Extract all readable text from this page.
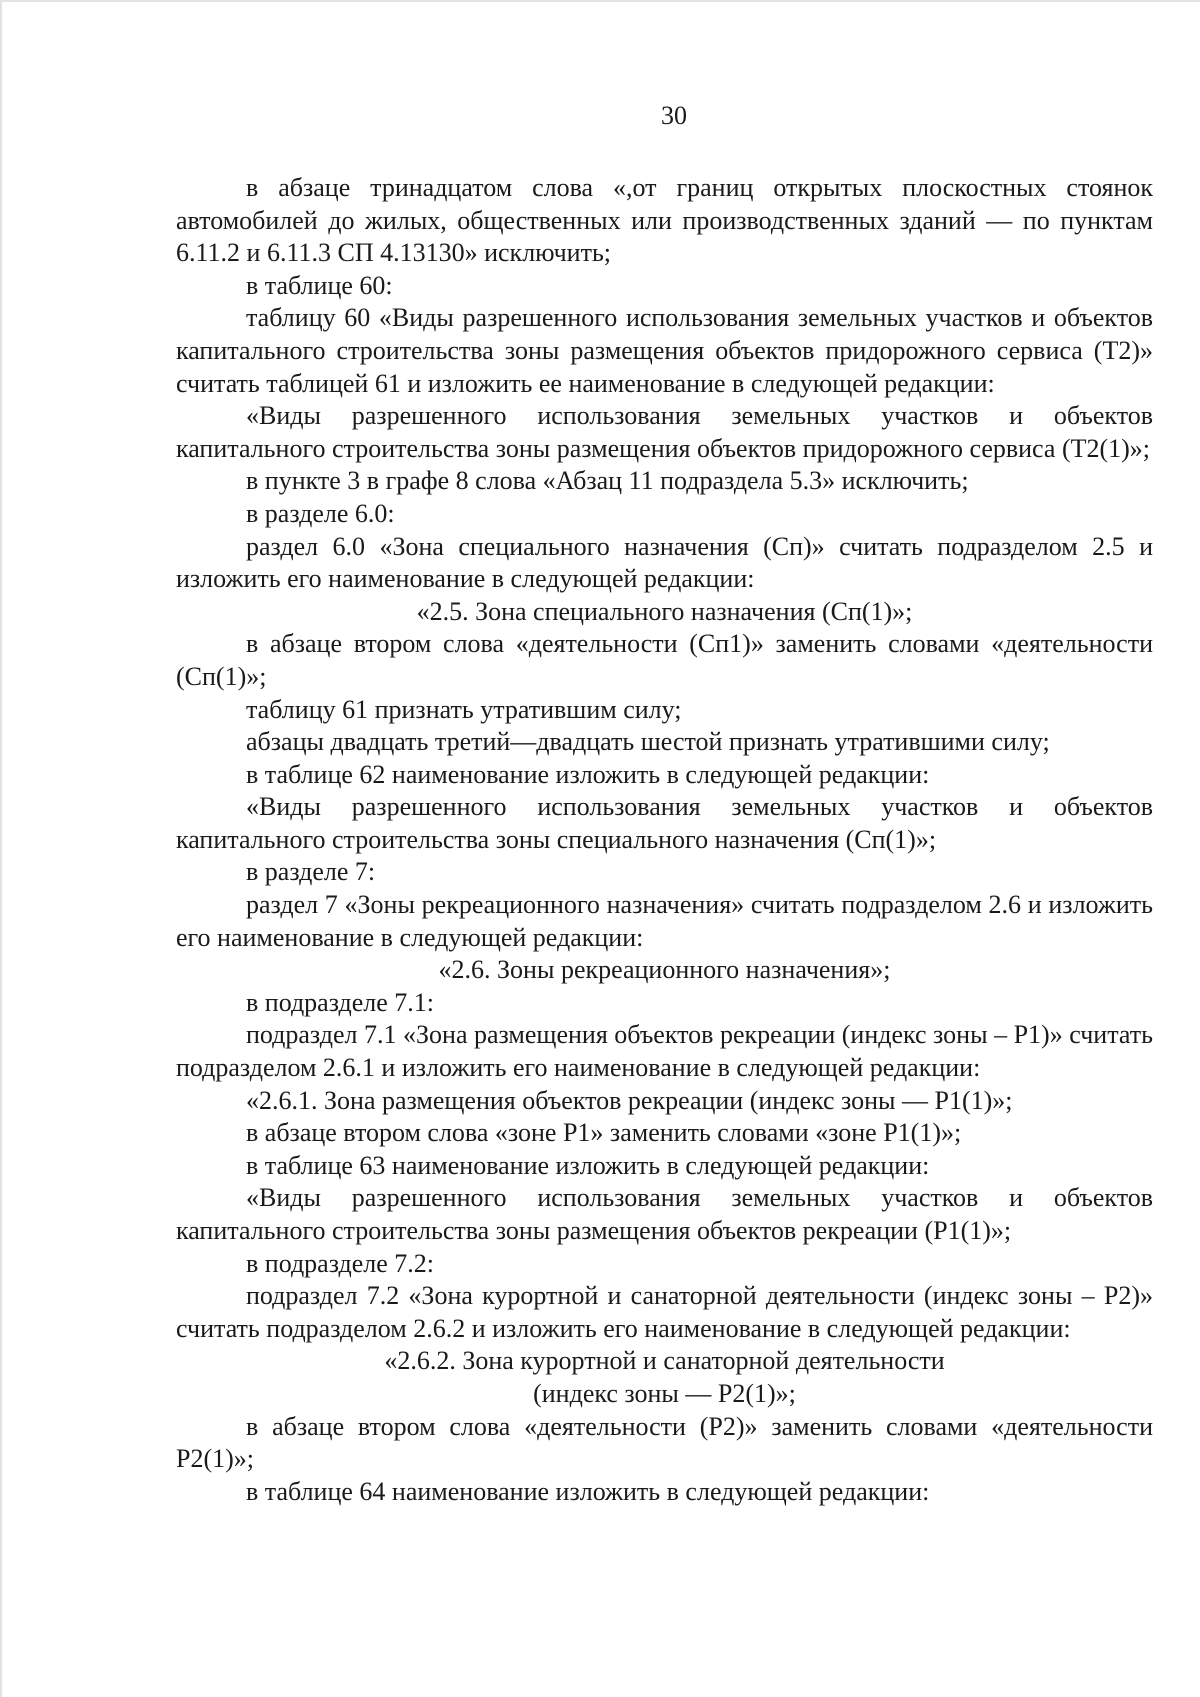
30

в абзаце тринадцатом слова «,от границ открытых плоскостных стоянок автомобилей до жилых, общественных или производственных зданий — по пунктам 6.11.2 и 6.11.3 СП 4.13130» исключить;

в таблице 60:

таблицу 60 «Виды разрешенного использования земельных участков и объектов капитального строительства зоны размещения объектов придорожного сервиса (Т2)» считать таблицей 61 и изложить ее наименование в следующей редакции:

«Виды разрешенного использования земельных участков и объектов капитального строительства зоны размещения объектов придорожного сервиса (Т2(1)»;

в пункте 3 в графе 8 слова «Абзац 11 подраздела 5.3» исключить;

в разделе 6.0:

раздел 6.0 «Зона специального назначения (Сп)» считать подразделом 2.5 и изложить его наименование в следующей редакции:

«2.5. Зона специального назначения (Сп(1)»;

в абзаце втором слова «деятельности (Сп1)» заменить словами «деятельности (Сп(1)»;

таблицу 61 признать утратившим силу;

абзацы двадцать третий—двадцать шестой признать утратившими силу;

в таблице 62 наименование изложить в следующей редакции:

«Виды разрешенного использования земельных участков и объектов капитального строительства зоны специального назначения (Сп(1)»;

в разделе 7:

раздел 7 «Зоны рекреационного назначения» считать подразделом 2.6 и изложить его наименование в следующей редакции:

«2.6. Зоны рекреационного назначения»;

в подразделе 7.1:

подраздел 7.1 «Зона размещения объектов рекреации (индекс зоны – Р1)» считать подразделом 2.6.1 и изложить его наименование в следующей редакции:

«2.6.1. Зона размещения объектов рекреации (индекс зоны — Р1(1)»;

в абзаце втором слова «зоне Р1» заменить словами «зоне Р1(1)»;

в таблице 63 наименование изложить в следующей редакции:

«Виды разрешенного использования земельных участков и объектов капитального строительства зоны размещения объектов рекреации (Р1(1)»;

в подразделе 7.2:

подраздел 7.2 «Зона курортной и санаторной деятельности (индекс зоны – Р2)» считать подразделом 2.6.2 и изложить его наименование в следующей редакции:

«2.6.2. Зона курортной и санаторной деятельности

(индекс зоны — Р2(1)»;

в абзаце втором слова «деятельности (Р2)» заменить словами «деятельности Р2(1)»;

в таблице 64 наименование изложить в следующей редакции:
